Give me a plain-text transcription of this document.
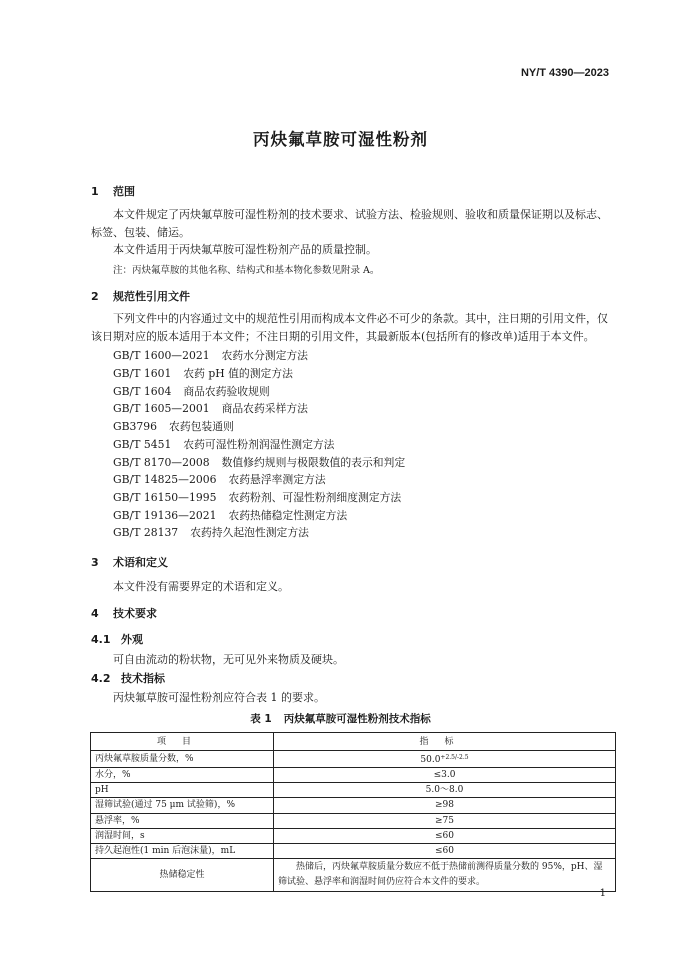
NY/T 4390—2023
丙炔氟草胺可湿性粉剂
1 范围
本文件规定了丙炔氟草胺可湿性粉剂的技术要求、试验方法、检验规则、验收和质量保证期以及标志、标签、包装、储运。
本文件适用于丙炔氟草胺可湿性粉剂产品的质量控制。
注：丙炔氟草胺的其他名称、结构式和基本物化参数见附录 A。
2 规范性引用文件
下列文件中的内容通过文中的规范性引用而构成本文件必不可少的条款。其中，注日期的引用文件，仅该日期对应的版本适用于本文件；不注日期的引用文件，其最新版本(包括所有的修改单)适用于本文件。
GB/T 1600—2021 农药水分测定方法
GB/T 1601 农药 pH 值的测定方法
GB/T 1604 商品农药验收规则
GB/T 1605—2001 商品农药采样方法
GB3796 农药包装通则
GB/T 5451 农药可湿性粉剂润湿性测定方法
GB/T 8170—2008 数值修约规则与极限数值的表示和判定
GB/T 14825—2006 农药悬浮率测定方法
GB/T 16150—1995 农药粉剂、可湿性粉剂细度测定方法
GB/T 19136—2021 农药热储稳定性测定方法
GB/T 28137 农药持久起泡性测定方法
3 术语和定义
本文件没有需要界定的术语和定义。
4 技术要求
4.1 外观
可自由流动的粉状物，无可见外来物质及硬块。
4.2 技术指标
丙炔氟草胺可湿性粉剂应符合表 1 的要求。
表 1 丙炔氟草胺可湿性粉剂技术指标
项目	指标
丙炔氟草胺质量分数，%	$50.0^{+2.5/-2.5}$
水分，%	≤3.0
pH	5.0～8.0
湿筛试验(通过 75 μm 试验筛)，%	≥98
悬浮率，%	≥75
润湿时间，s	≤60
持久起泡性(1 min 后泡沫量)，mL	≤60
热储稳定性	热储后，丙炔氟草胺质量分数应不低于热储前测得质量分数的 95%，pH、湿筛试验、悬浮率和润湿时间仍应符合本文件的要求。
1
